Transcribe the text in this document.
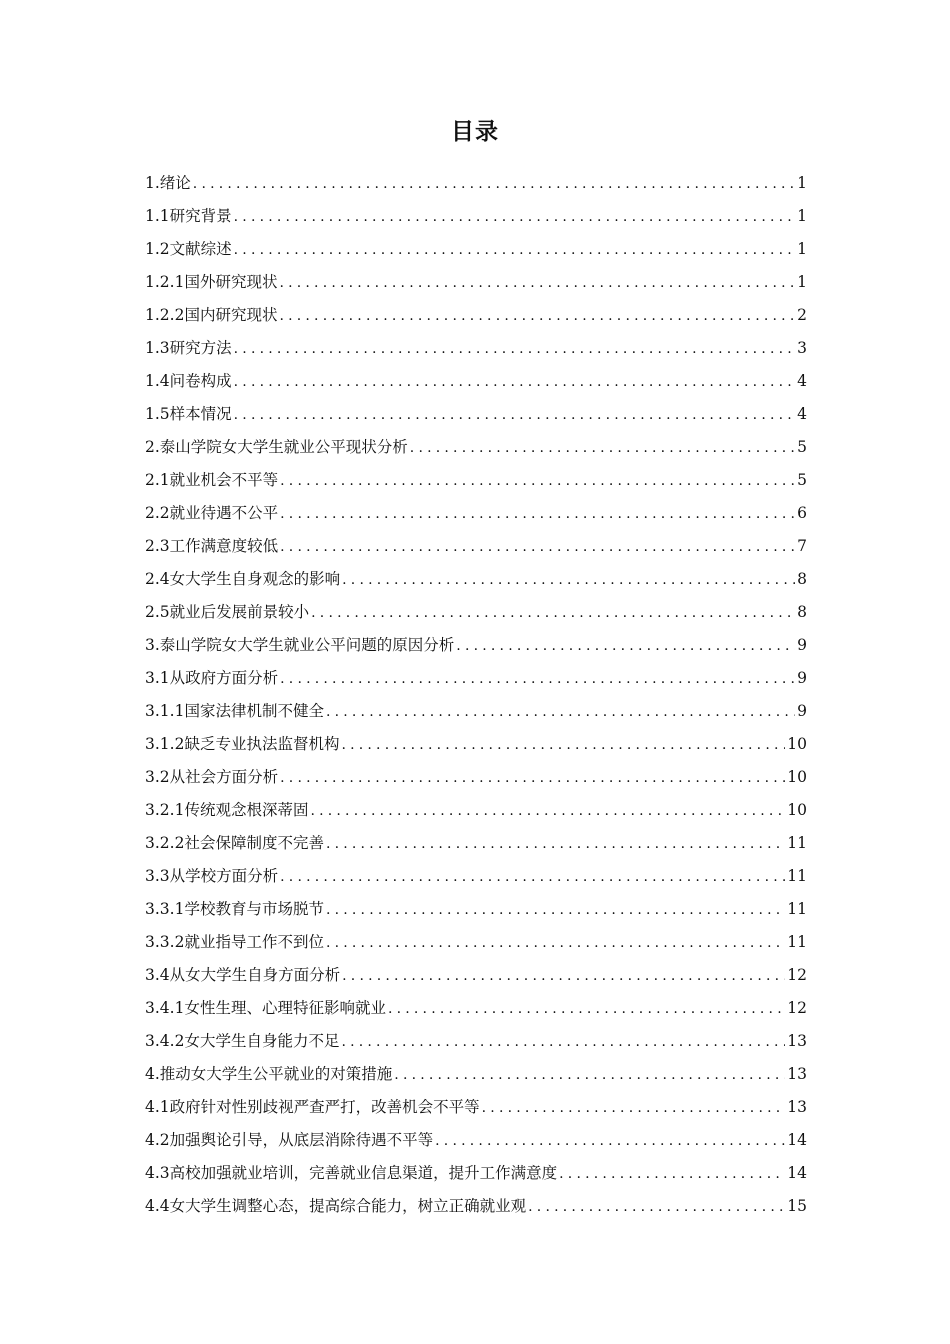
目录
1.绪论 .....	1
1.1研究背景 .....	1
1.2文献综述 .....	1
1.2.1国外研究现状 .....	1
1.2.2国内研究现状 .....	2
1.3研究方法 .....	3
1.4问卷构成 .....	4
1.5样本情况 .....	4
2.泰山学院女大学生就业公平现状分析 .....	5
2.1就业机会不平等 .....	5
2.2就业待遇不公平 .....	6
2.3工作满意度较低 .....	7
2.4女大学生自身观念的影响 .....	8
2.5就业后发展前景较小 .....	8
3.泰山学院女大学生就业公平问题的原因分析 .....	9
3.1从政府方面分析 .....	9
3.1.1国家法律机制不健全 .....	9
3.1.2缺乏专业执法监督机构 .....	10
3.2从社会方面分析 .....	10
3.2.1传统观念根深蒂固 .....	10
3.2.2社会保障制度不完善 .....	11
3.3从学校方面分析 .....	11
3.3.1学校教育与市场脱节 .....	11
3.3.2就业指导工作不到位 .....	11
3.4从女大学生自身方面分析 .....	12
3.4.1女性生理、心理特征影响就业 .....	12
3.4.2女大学生自身能力不足 .....	13
4.推动女大学生公平就业的对策措施 .....	13
4.1政府针对性别歧视严查严打，改善机会不平等 .....	13
4.2加强舆论引导，从底层消除待遇不平等 .....	14
4.3高校加强就业培训，完善就业信息渠道，提升工作满意度 .....	14
4.4女大学生调整心态，提高综合能力，树立正确就业观 .....	15
